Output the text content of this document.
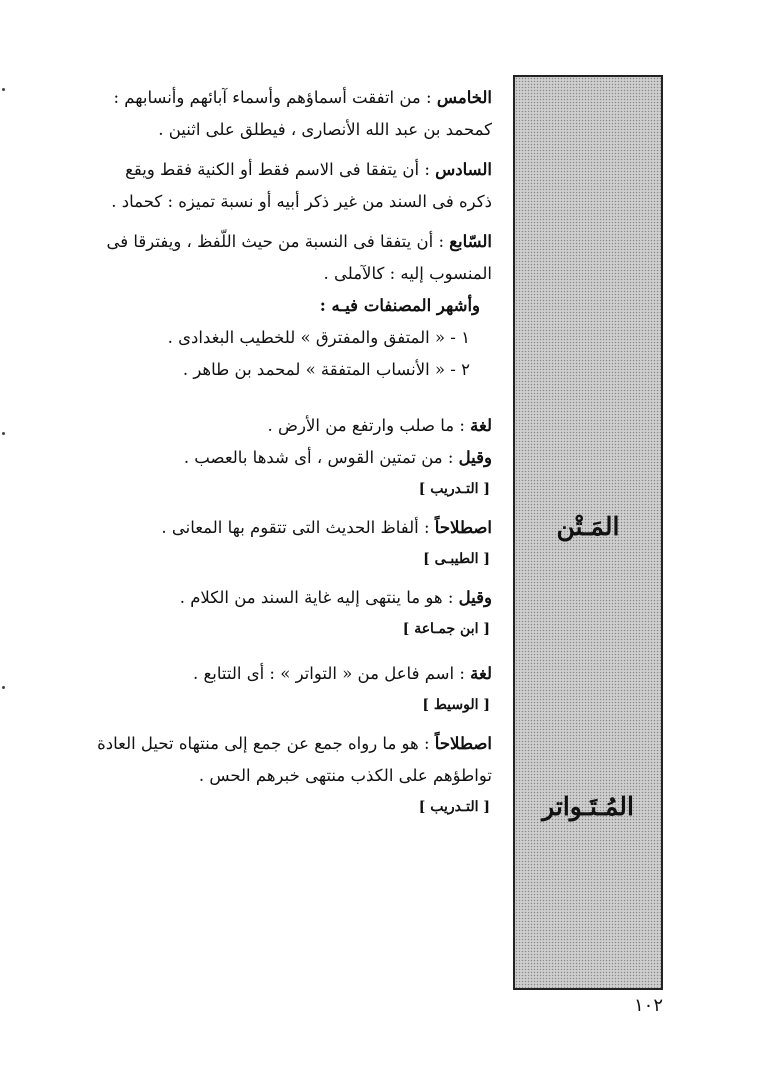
المَـتْن
المُـتَـواتر

الخامس : من اتفقت أسماؤهم وأسماء آبائهم وأنسابهم : كمحمد بن عبد الله الأنصارى ، فيطلق على اثنين .

السادس : أن يتفقا فى الاسم فقط أو الكنية فقط ويقع ذكره فى السند من غير ذكر أبيه أو نسبة تميزه : كحماد .

السّابع : أن يتفقا فى النسبة من حيث اللّفظ ، ويفترقا فى المنسوب إليه : كالآملى .

وأشهر المصنفات فيـه :
١ - « المتفق والمفترق » للخطيب البغدادى .
٢ - « الأنساب المتفقة » لمحمد بن طاهر .

لغة : ما صلب وارتفع من الأرض .

وقيل : من تمتين القوس ، أى شدها بالعصب .

[ التـدريب ]

اصطلاحاً : ألفاظ الحديث التى تتقوم بها المعانى .

[ الطيبـى ]

وقيل : هو ما ينتهى إليه غاية السند من الكلام .

[ ابن جمـاعة ]

لغة : اسم فاعل من « التواتر » : أى التتابع .

[ الوسيط ]

اصطلاحاً : هو ما رواه جمع عن جمع إلى منتهاه تحيل العادة تواطؤهم على الكذب منتهى خبرهم الحس .

[ التـدريب ]
١٠٢
